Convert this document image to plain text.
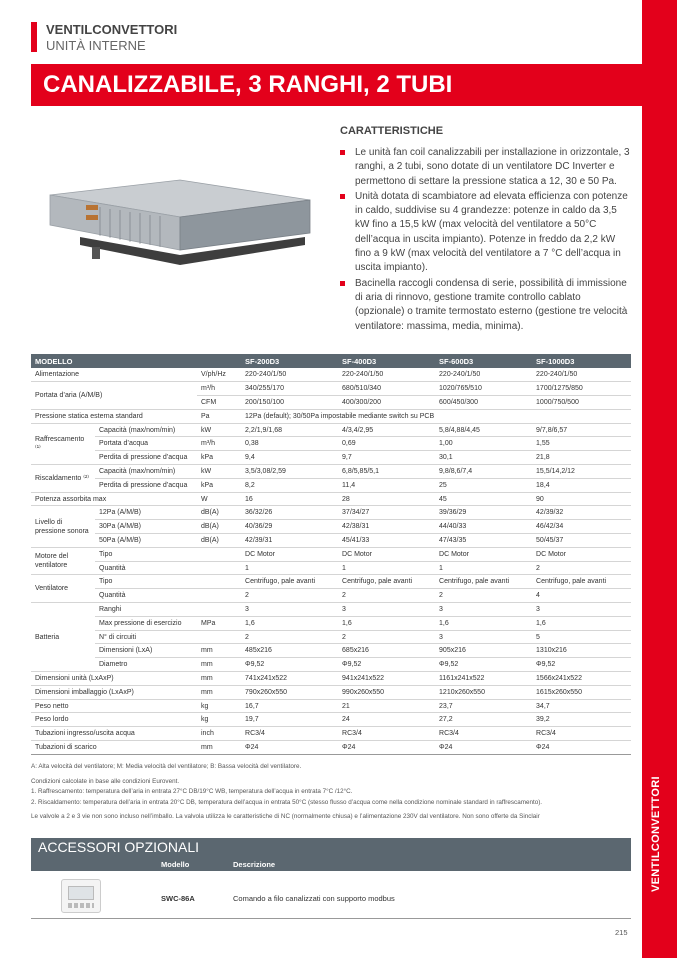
VENTILCONVETTORI
VENTILCONVETTORI
UNITÀ INTERNE
CANALIZZABILE, 3 RANGHI, 2 TUBI
CARATTERISTICHE
Le unità fan coil canalizzabili per installazione in orizzontale, 3 ranghi, a 2 tubi, sono dotate di un ventilatore DC Inverter e permettono di settare la pressione statica a 12, 30 e 50 Pa.
Unità dotata di scambiatore ad elevata efficienza con potenze in caldo, suddivise su 4 grandezze: potenze in caldo da 3,5 kW fino a 15,5 kW (max velocità del ventilatore a 50°C dell’acqua in uscita impianto). Potenze in freddo da 2,2 kW fino a 9 kW (max velocità del ventilatore a 7 °C dell’acqua in uscita impianto).
Bacinella raccogli condensa di serie, possibilità di immissione di aria di rinnovo, gestione tramite controllo cablato (opzionale) o tramite termostato esterno (gestione tre velocità ventilatore: massima, media, minima).
MODELLO			SF-200D3	SF-400D3	SF-600D3	SF-1000D3
Alimentazione		V/ph/Hz	220-240/1/50	220-240/1/50	220-240/1/50	220-240/1/50
Portata d’aria (A/M/B)		m³/h	340/255/170	680/510/340	1020/765/510	1700/1275/850
		CFM	200/150/100	400/300/200	600/450/300	1000/750/500
Pressione statica esterna standard		Pa	12Pa (default); 30/50Pa impostabile mediante switch su PCB			
Raffrescamento ⁽¹⁾	Capacità (max/nom/min)	kW	2,2/1,9/1,68	4/3,4/2,95	5,8/4,88/4,45	9/7,8/6,57
	Portata d’acqua	m³/h	0,38	0,69	1,00	1,55
	Perdita di pressione d’acqua	kPa	9,4	9,7	30,1	21,8
Riscaldamento ⁽²⁾	Capacità (max/nom/min)	kW	3,5/3,08/2,59	6,8/5,85/5,1	9,8/8,6/7,4	15,5/14,2/12
	Perdita di pressione d’acqua	kPa	8,2	11,4	25	18,4
Potenza assorbita max		W	16	28	45	90
Livello di pressione sonora	12Pa (A/M/B)	dB(A)	36/32/26	37/34/27	39/36/29	42/39/32
	30Pa (A/M/B)	dB(A)	40/36/29	42/38/31	44/40/33	46/42/34
	50Pa (A/M/B)	dB(A)	42/39/31	45/41/33	47/43/35	50/45/37
Motore del ventilatore	Tipo		DC Motor	DC Motor	DC Motor	DC Motor
	Quantità		1	1	1	2
Ventilatore	Tipo		Centrifugo, pale avanti	Centrifugo, pale avanti	Centrifugo, pale avanti	Centrifugo, pale avanti
	Quantità		2	2	2	4
Batteria	Ranghi		3	3	3	3
	Max pressione di esercizio	MPa	1,6	1,6	1,6	1,6
	N° di circuiti		2	2	3	5
	Dimensioni (LxA)	mm	485x216	685x216	905x216	1310x216
	Diametro	mm	Φ9,52	Φ9,52	Φ9,52	Φ9,52
Dimensioni unità (LxAxP)		mm	741x241x522	941x241x522	1161x241x522	1566x241x522
Dimensioni imballaggio (LxAxP)		mm	790x260x550	990x260x550	1210x260x550	1615x260x550
Peso netto		kg	16,7	21	23,7	34,7
Peso lordo		kg	19,7	24	27,2	39,2
Tubazioni ingresso/uscita acqua		inch	RC3/4	RC3/4	RC3/4	RC3/4
Tubazioni di scarico		mm	Φ24	Φ24	Φ24	Φ24

A: Alta velocità del ventilatore; M: Media velocità del ventilatore; B: Bassa velocità del ventilatore.

Condizioni calcolate in base alle condizioni Eurovent.

1. Raffrescamento: temperatura dell’aria in entrata 27°C DB/19°C WB, temperatura dell’acqua in entrata 7°C /12°C.

2. Riscaldamento: temperatura dell’aria in entrata 20°C DB, temperatura dell’acqua in entrata 50°C (stesso flusso d’acqua come nella condizione nominale standard in raffrescamento).

Le valvole a 2 e 3 vie non sono incluso nell’imballo. La valvola utilizza le caratteristiche di NC (normalmente chiusa) e l’alimentazione 230V dal ventilatore. Non sono offerte da Sinclair

ACCESSORI OPZIONALI
Modello	Descrizione
SWC-86A	Comando a filo canalizzati con supporto modbus
215
